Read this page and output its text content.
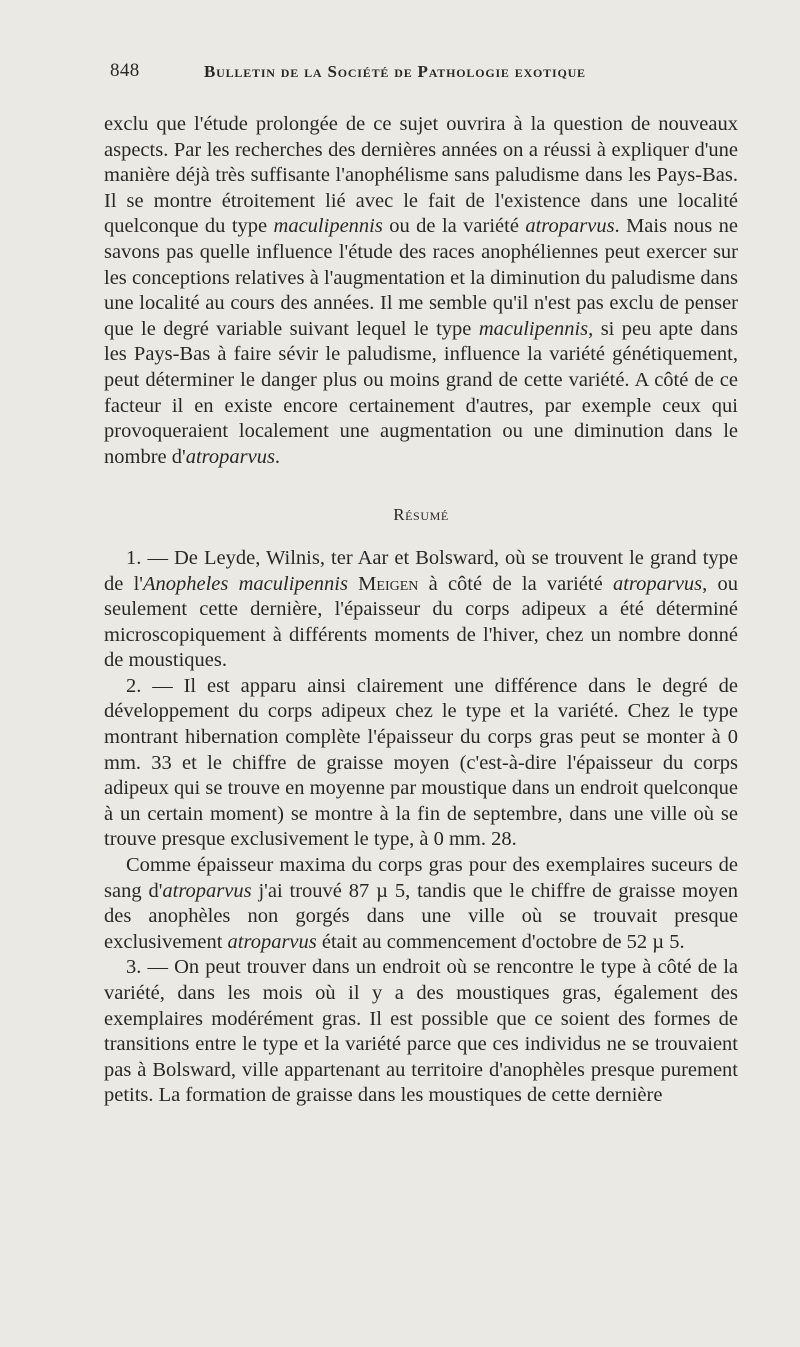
848	Bulletin de la Société de Pathologie exotique

exclu que l'étude prolongée de ce sujet ouvrira à la question de nouveaux aspects. Par les recherches des dernières années on a réussi à expliquer d'une manière déjà très suffisante l'anophélisme sans paludisme dans les Pays-Bas. Il se montre étroitement lié avec le fait de l'existence dans une localité quelconque du type maculipennis ou de la variété atroparvus. Mais nous ne savons pas quelle influence l'étude des races anophéliennes peut exercer sur les conceptions relatives à l'augmentation et la diminution du paludisme dans une localité au cours des années. Il me semble qu'il n'est pas exclu de penser que le degré variable suivant lequel le type maculipennis, si peu apte dans les Pays-Bas à faire sévir le paludisme, influence la variété génétiquement, peut déterminer le danger plus ou moins grand de cette variété. A côté de ce facteur il en existe encore certainement d'autres, par exemple ceux qui provoqueraient localement une augmentation ou une diminution dans le nombre d'atroparvus.

Résumé

1. — De Leyde, Wilnis, ter Aar et Bolsward, où se trouvent le grand type de l'Anopheles maculipennis Meigen à côté de la variété atroparvus, ou seulement cette dernière, l'épaisseur du corps adipeux a été déterminé microscopiquement à différents moments de l'hiver, chez un nombre donné de moustiques.

2. — Il est apparu ainsi clairement une différence dans le degré de développement du corps adipeux chez le type et la variété. Chez le type montrant hibernation complète l'épaisseur du corps gras peut se monter à 0 mm. 33 et le chiffre de graisse moyen (c'est-à-dire l'épaisseur du corps adipeux qui se trouve en moyenne par moustique dans un endroit quelconque à un certain moment) se montre à la fin de septembre, dans une ville où se trouve presque exclusivement le type, à 0 mm. 28.

Comme épaisseur maxima du corps gras pour des exemplaires suceurs de sang d'atroparvus j'ai trouvé 87 µ 5, tandis que le chiffre de graisse moyen des anophèles non gorgés dans une ville où se trouvait presque exclusivement atroparvus était au commencement d'octobre de 52 µ 5.

3. — On peut trouver dans un endroit où se rencontre le type à côté de la variété, dans les mois où il y a des moustiques gras, également des exemplaires modérément gras. Il est possible que ce soient des formes de transitions entre le type et la variété parce que ces individus ne se trouvaient pas à Bolsward, ville appartenant au territoire d'anophèles presque purement petits. La formation de graisse dans les moustiques de cette dernière
